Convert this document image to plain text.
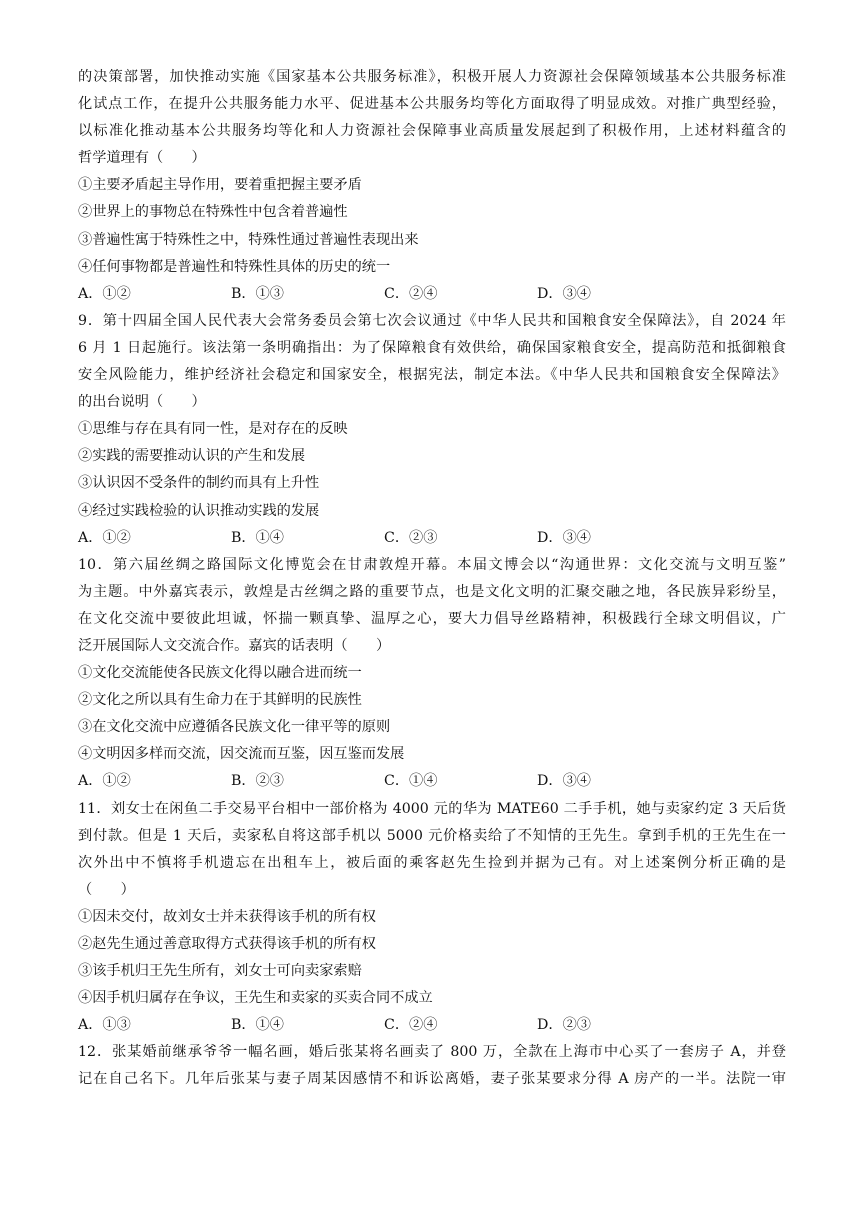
的决策部署，加快推动实施《国家基本公共服务标准》，积极开展人力资源社会保障领域基本公共服务标准
化试点工作，在提升公共服务能力水平、促进基本公共服务均等化方面取得了明显成效。对推广典型经验，
以标准化推动基本公共服务均等化和人力资源社会保障事业高质量发展起到了积极作用，上述材料蕴含的
哲学道理有（　　）
①主要矛盾起主导作用，要着重把握主要矛盾
②世界上的事物总在特殊性中包含着普遍性
③普遍性寓于特殊性之中，特殊性通过普遍性表现出来
④任何事物都是普遍性和特殊性具体的历史的统一
A．①②	B．①③	C．②④	D．③④
9．第十四届全国人民代表大会常务委员会第七次会议通过《中华人民共和国粮食安全保障法》，自 2024 年
6 月 1 日起施行。该法第一条明确指出：为了保障粮食有效供给，确保国家粮食安全，提高防范和抵御粮食
安全风险能力，维护经济社会稳定和国家安全，根据宪法，制定本法。《中华人民共和国粮食安全保障法》
的出台说明（　　）
①思维与存在具有同一性，是对存在的反映
②实践的需要推动认识的产生和发展
③认识因不受条件的制约而具有上升性
④经过实践检验的认识推动实践的发展
A．①②	B．①④	C．②③	D．③④
10．第六届丝绸之路国际文化博览会在甘肃敦煌开幕。本届文博会以“沟通世界：文化交流与文明互鉴”
为主题。中外嘉宾表示，敦煌是古丝绸之路的重要节点，也是文化文明的汇聚交融之地，各民族异彩纷呈，
在文化交流中要彼此坦诚，怀揣一颗真挚、温厚之心，要大力倡导丝路精神，积极践行全球文明倡议，广
泛开展国际人文交流合作。嘉宾的话表明（　　）
①文化交流能使各民族文化得以融合进而统一
②文化之所以具有生命力在于其鲜明的民族性
③在文化交流中应遵循各民族文化一律平等的原则
④文明因多样而交流，因交流而互鉴，因互鉴而发展
A．①②	B．②③	C．①④	D．③④
11．刘女士在闲鱼二手交易平台相中一部价格为 4000 元的华为 MATE60 二手手机，她与卖家约定 3 天后货
到付款。但是 1 天后，卖家私自将这部手机以 5000 元价格卖给了不知情的王先生。拿到手机的王先生在一
次外出中不慎将手机遗忘在出租车上，被后面的乘客赵先生捡到并据为己有。对上述案例分析正确的是
（　　）
①因未交付，故刘女士并未获得该手机的所有权
②赵先生通过善意取得方式获得该手机的所有权
③该手机归王先生所有，刘女士可向卖家索赔
④因手机归属存在争议，王先生和卖家的买卖合同不成立
A．①③	B．①④	C．②④	D．②③
12．张某婚前继承爷爷一幅名画，婚后张某将名画卖了 800 万，全款在上海市中心买了一套房子 A，并登
记在自己名下。几年后张某与妻子周某因感情不和诉讼离婚，妻子张某要求分得 A 房产的一半。法院一审
